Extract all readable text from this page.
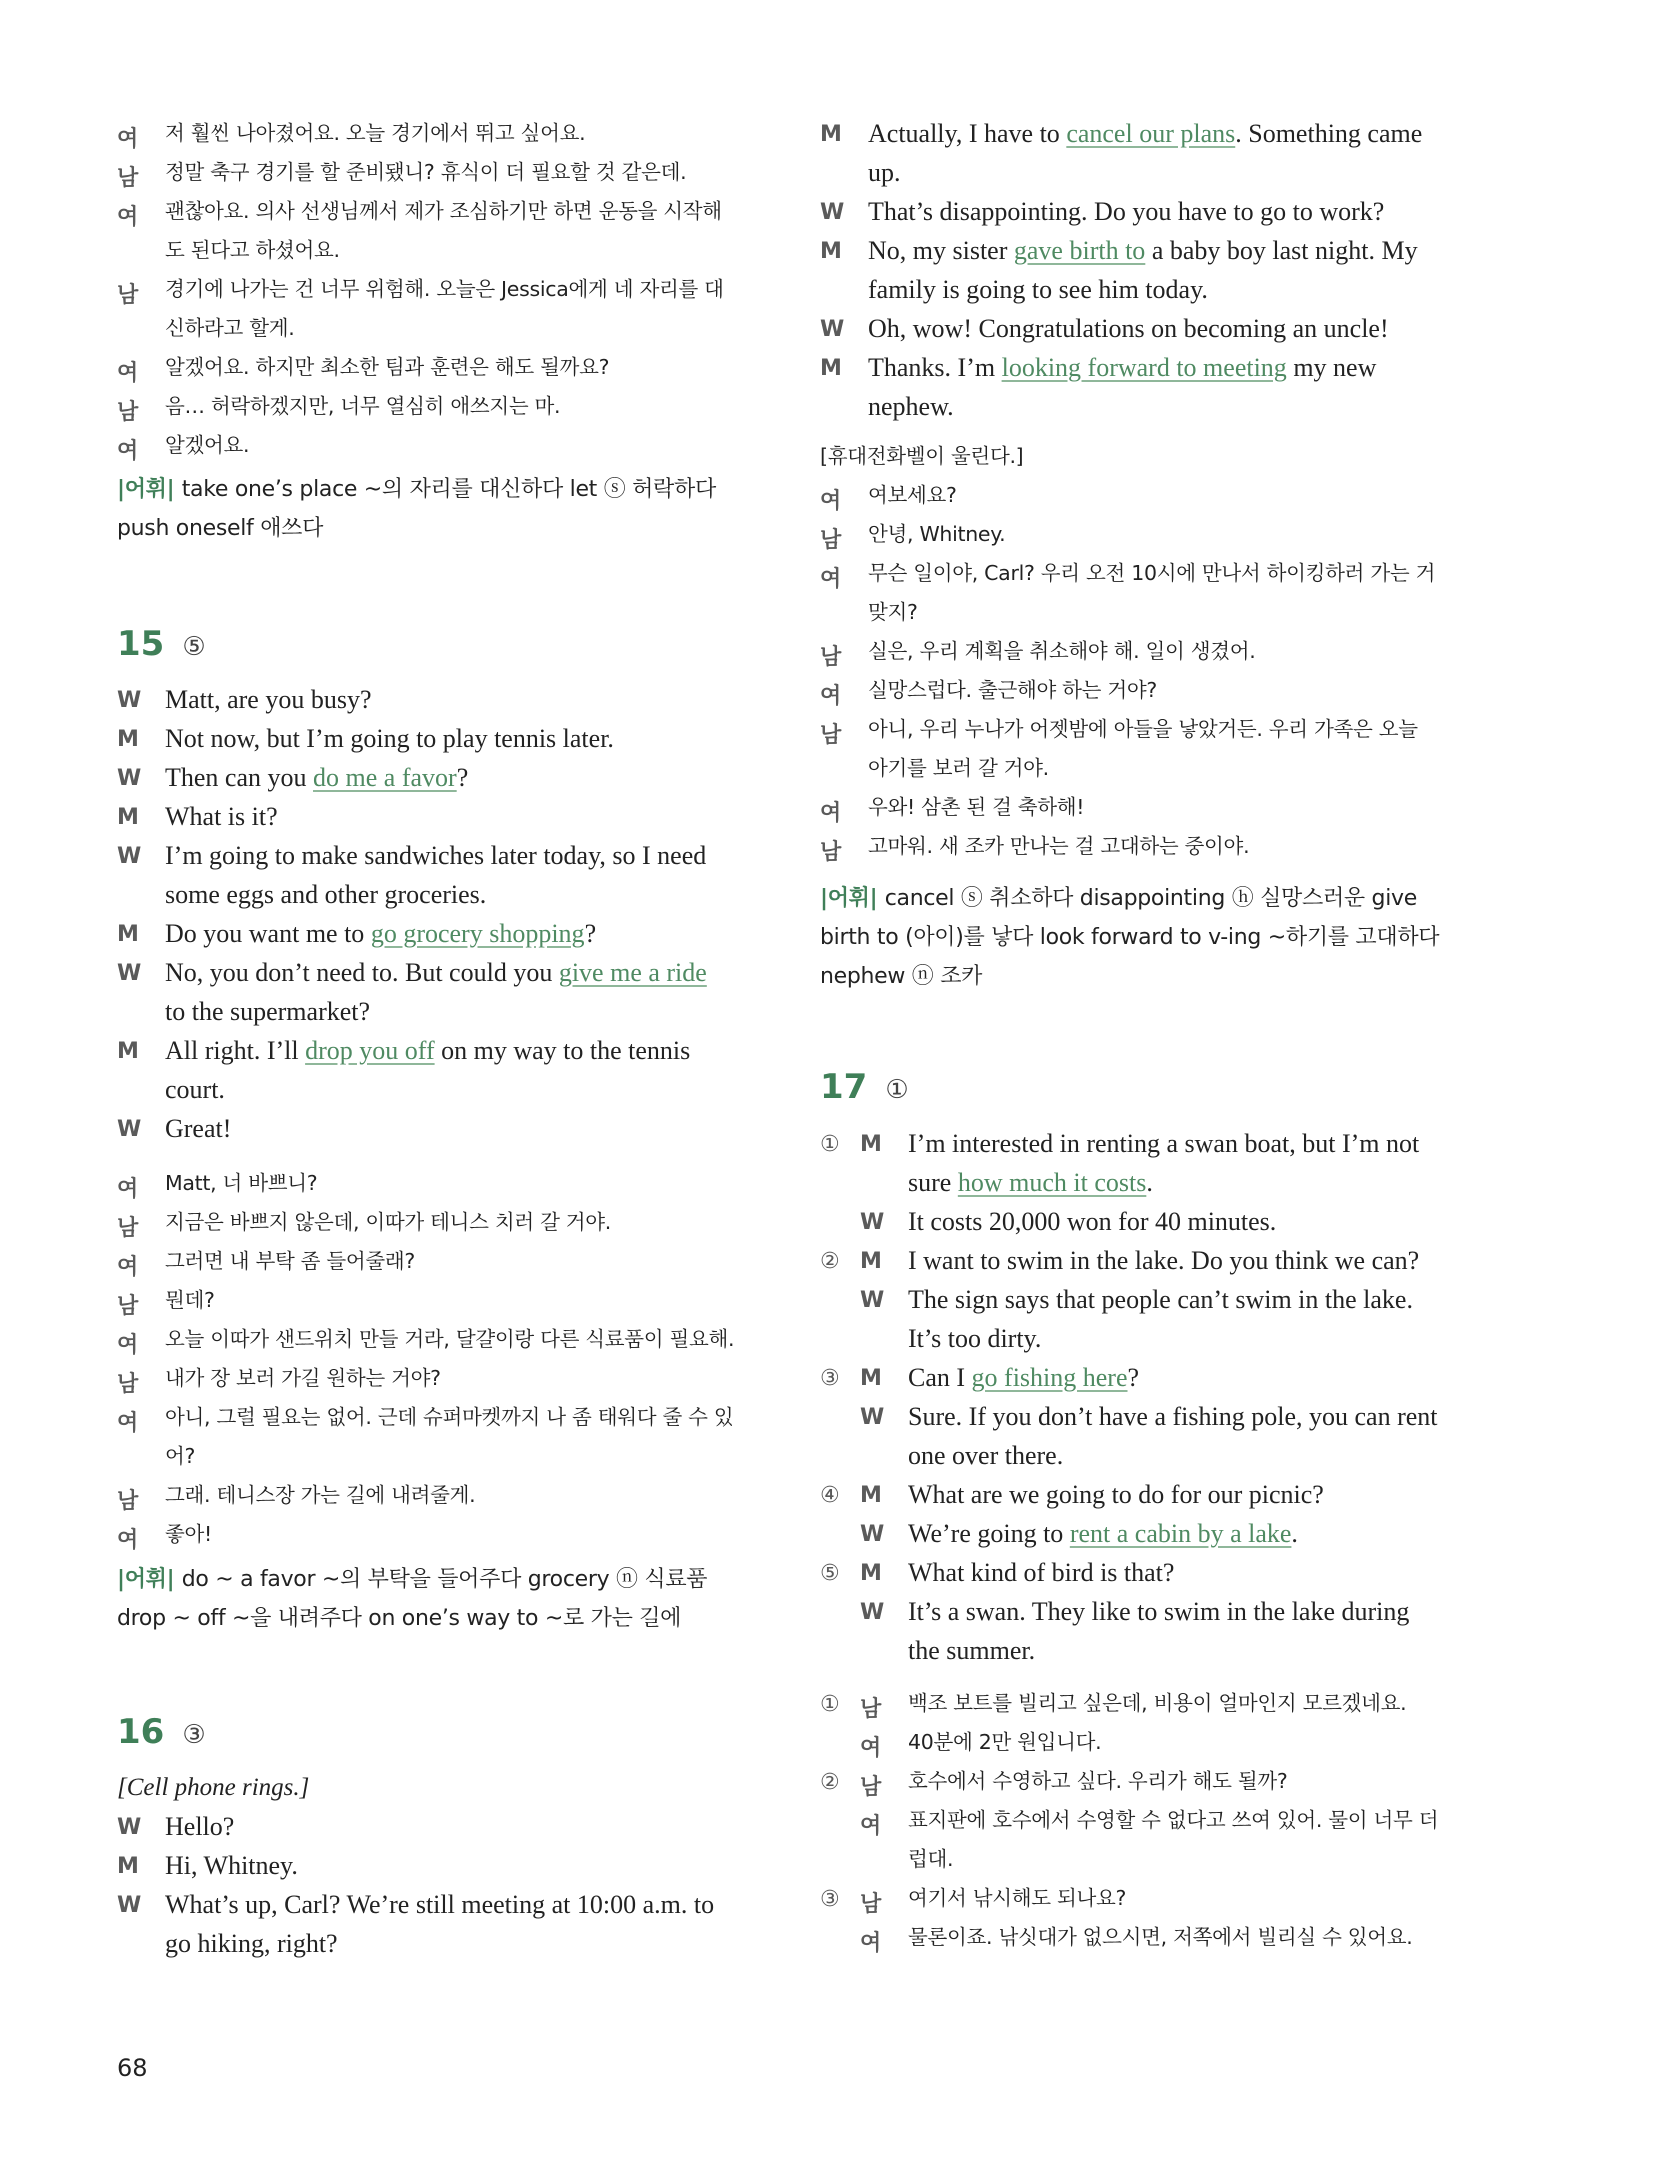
여 저 훨씬 나아졌어요. 오늘 경기에서 뛰고 싶어요.
남 정말 축구 경기를 할 준비됐니? 휴식이 더 필요할 것 같은데.
여 괜찮아요. 의사 선생님께서 제가 조심하기만 하면 운동을 시작해
도 된다고 하셨어요.
남 경기에 나가는 건 너무 위험해. 오늘은 Jessica에게 네 자리를 대
신하라고 할게.
여 알겠어요. 하지만 최소한 팀과 훈련은 해도 될까요?
남 음… 허락하겠지만, 너무 열심히 애쓰지는 마.
여 알겠어요.
|어휘| take one’s place ~의 자리를 대신하다 let ⓢ 허락하다
push oneself 애쓰다
15 ⑤
W Matt, are you busy?
M Not now, but I’m going to play tennis later.
W Then can you do me a favor?
M What is it?
W I’m going to make sandwiches later today, so I need
some eggs and other groceries.
M Do you want me to go grocery shopping?
W No, you don’t need to. But could you give me a ride
to the supermarket?
M All right. I’ll drop you off on my way to the tennis
court.
W Great!
여 Matt, 너 바쁘니?
남 지금은 바쁘지 않은데, 이따가 테니스 치러 갈 거야.
여 그러면 내 부탁 좀 들어줄래?
남 뭔데?
여 오늘 이따가 샌드위치 만들 거라, 달걀이랑 다른 식료품이 필요해.
남 내가 장 보러 가길 원하는 거야?
여 아니, 그럴 필요는 없어. 근데 슈퍼마켓까지 나 좀 태워다 줄 수 있
어?
남 그래. 테니스장 가는 길에 내려줄게.
여 좋아!
|어휘| do ~ a favor ~의 부탁을 들어주다 grocery ⓝ 식료품
drop ~ off ~을 내려주다 on one’s way to ~로 가는 길에
16 ③
[Cell phone rings.]
W Hello?
M Hi, Whitney.
W What’s up, Carl? We’re still meeting at 10:00 a.m. to
go hiking, right?
M Actually, I have to cancel our plans. Something came
up.
W That’s disappointing. Do you have to go to work?
M No, my sister gave birth to a baby boy last night. My
family is going to see him today.
W Oh, wow! Congratulations on becoming an uncle!
M Thanks. I’m looking forward to meeting my new
nephew.
[휴대전화벨이 울린다.]
여 여보세요?
남 안녕, Whitney.
여 무슨 일이야, Carl? 우리 오전 10시에 만나서 하이킹하러 가는 거
맞지?
남 실은, 우리 계획을 취소해야 해. 일이 생겼어.
여 실망스럽다. 출근해야 하는 거야?
남 아니, 우리 누나가 어젯밤에 아들을 낳았거든. 우리 가족은 오늘
아기를 보러 갈 거야.
여 우와! 삼촌 된 걸 축하해!
남 고마워. 새 조카 만나는 걸 고대하는 중이야.
|어휘| cancel ⓢ 취소하다 disappointing ⓗ 실망스러운 give
birth to (아이)를 낳다 look forward to v-ing ~하기를 고대하다
nephew ⓝ 조카
17 ①
① M I’m interested in renting a swan boat, but I’m not
sure how much it costs.
W It costs 20,000 won for 40 minutes.
② M I want to swim in the lake. Do you think we can?
W The sign says that people can’t swim in the lake.
It’s too dirty.
③ M Can I go fishing here?
W Sure. If you don’t have a fishing pole, you can rent
one over there.
④ M What are we going to do for our picnic?
W We’re going to rent a cabin by a lake.
⑤ M What kind of bird is that?
W It’s a swan. They like to swim in the lake during
the summer.
① 남 백조 보트를 빌리고 싶은데, 비용이 얼마인지 모르겠네요.
여 40분에 2만 원입니다.
② 남 호수에서 수영하고 싶다. 우리가 해도 될까?
여 표지판에 호수에서 수영할 수 없다고 쓰여 있어. 물이 너무 더
럽대.
③ 남 여기서 낚시해도 되나요?
여 물론이죠. 낚싯대가 없으시면, 저쪽에서 빌리실 수 있어요.
68
